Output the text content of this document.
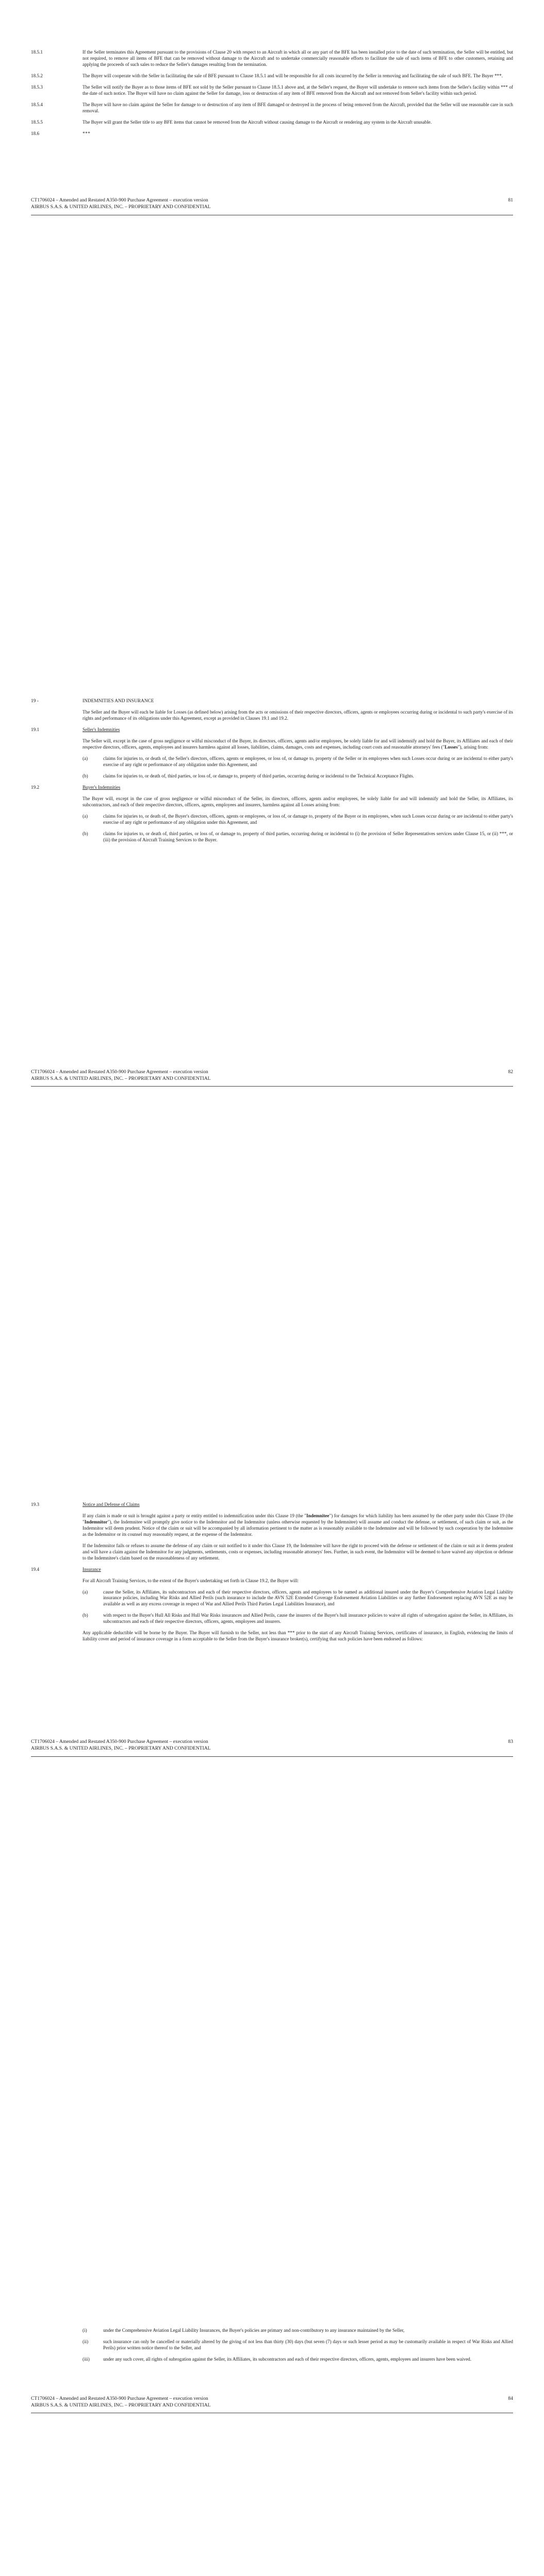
18.5.1	If the Seller terminates this Agreement pursuant to the provisions of Clause 20 with respect to an Aircraft in which all or any part of the BFE has been installed prior to the date of such termination, the Seller will be entitled, but not required, to remove all items of BFE that can be removed without damage to the Aircraft and to undertake commercially reasonable efforts to facilitate the sale of such items of BFE to other customers, retaining and applying the proceeds of such sales to reduce the Seller's damages resulting from the termination.
18.5.2	The Buyer will cooperate with the Seller in facilitating the sale of BFE pursuant to Clause 18.5.1 and will be responsible for all costs incurred by the Seller in removing and facilitating the sale of such BFE. The Buyer ***.
18.5.3	The Seller will notify the Buyer as to those items of BFE not sold by the Seller pursuant to Clause 18.5.1 above and, at the Seller's request, the Buyer will undertake to remove such items from the Seller's facility within *** of the date of such notice. The Buyer will have no claim against the Seller for damage, loss or destruction of any item of BFE removed from the Aircraft and not removed from Seller's facility within such period.
18.5.4	The Buyer will have no claim against the Seller for damage to or destruction of any item of BFE damaged or destroyed in the process of being removed from the Aircraft, provided that the Seller will use reasonable care in such removal.
18.5.5	The Buyer will grant the Seller title to any BFE items that cannot be removed from the Aircraft without causing damage to the Aircraft or rendering any system in the Aircraft unusable.
18.6	***
CT1706024 – Amended and Restated A350-900 Purchase Agreement – execution version
AIRBUS S.A.S. & UNITED AIRLINES, INC. – PROPRIETARY AND CONFIDENTIAL
81
19 -	INDEMNITIES AND INSURANCE
The Seller and the Buyer will each be liable for Losses (as defined below) arising from the acts or omissions of their respective directors, officers, agents or employees occurring during or incidental to such party's exercise of its rights and performance of its obligations under this Agreement, except as provided in Clauses 19.1 and 19.2.
19.1	Seller's Indemnities
The Seller will, except in the case of gross negligence or wilful misconduct of the Buyer, its directors, officers, agents and/or employees, be solely liable for and will indemnify and hold the Buyer, its Affiliates and each of their respective directors, officers, agents, employees and insurers harmless against all losses, liabilities, claims, damages, costs and expenses, including court costs and reasonable attorneys' fees ("Losses"), arising from:
(a)	claims for injuries to, or death of, the Seller's directors, officers, agents or employees, or loss of, or damage to, property of the Seller or its employees when such Losses occur during or are incidental to either party's exercise of any right or performance of any obligation under this Agreement, and
(b)	claims for injuries to, or death of, third parties, or loss of, or damage to, property of third parties, occurring during or incidental to the Technical Acceptance Flights.
19.2	Buyer's Indemnities
The Buyer will, except in the case of gross negligence or wilful misconduct of the Seller, its directors, officers, agents and/or employees, be solely liable for and will indemnify and hold the Seller, its Affiliates, its subcontractors, and each of their respective directors, officers, agents, employees and insurers, harmless against all Losses arising from:
(a)	claims for injuries to, or death of, the Buyer's directors, officers, agents or employees, or loss of, or damage to, property of the Buyer or its employees, when such Losses occur during or are incidental to either party's exercise of any right or performance of any obligation under this Agreement, and
(b)	claims for injuries to, or death of, third parties, or loss of, or damage to, property of third parties, occurring during or incidental to (i) the provision of Seller Representatives services under Clause 15, or (ii) ***, or (iii) the provision of Aircraft Training Services to the Buyer.
CT1706024 – Amended and Restated A350-900 Purchase Agreement – execution version
AIRBUS S.A.S. & UNITED AIRLINES, INC. – PROPRIETARY AND CONFIDENTIAL
82
19.3	Notice and Defense of Claims
If any claim is made or suit is brought against a party or entity entitled to indemnification under this Clause 19 (the "Indemnitee") for damages for which liability has been assumed by the other party under this Clause 19 (the "Indemnitor"), the Indemnitee will promptly give notice to the Indemnitor and the Indemnitor (unless otherwise requested by the Indemnitee) will assume and conduct the defense, or settlement, of such claim or suit, as the Indemnitor will deem prudent. Notice of the claim or suit will be accompanied by all information pertinent to the matter as is reasonably available to the Indemnitee and will be followed by such cooperation by the Indemnitee as the Indemnitor or its counsel may reasonably request, at the expense of the Indemnitor.
If the Indemnitor fails or refuses to assume the defense of any claim or suit notified to it under this Clause 19, the Indemnitee will have the right to proceed with the defense or settlement of the claim or suit as it deems prudent and will have a claim against the Indemnitor for any judgments, settlements, costs or expenses, including reasonable attorneys' fees. Further, in such event, the Indemnitor will be deemed to have waived any objection or defense to the Indemnitee's claim based on the reasonableness of any settlement.
19.4	Insurance
For all Aircraft Training Services, to the extent of the Buyer's undertaking set forth in Clause 19.2, the Buyer will:
(a)	cause the Seller, its Affiliates, its subcontractors and each of their respective directors, officers, agents and employees to be named as additional insured under the Buyer's Comprehensive Aviation Legal Liability insurance policies, including War Risks and Allied Perils (such insurance to include the AVN 52E Extended Coverage Endorsement Aviation Liabilities or any further Endorsement replacing AVN 52E as may be available as well as any excess coverage in respect of War and Allied Perils Third Parties Legal Liabilities Insurance), and
(b)	with respect to the Buyer's Hull All Risks and Hull War Risks insurances and Allied Perils, cause the insurers of the Buyer's hull insurance policies to waive all rights of subrogation against the Seller, its Affiliates, its subcontractors and each of their respective directors, officers, agents, employees and insurers.
Any applicable deductible will be borne by the Buyer. The Buyer will furnish to the Seller, not less than *** prior to the start of any Aircraft Training Services, certificates of insurance, in English, evidencing the limits of liability cover and period of insurance coverage in a form acceptable to the Seller from the Buyer's insurance broker(s), certifying that such policies have been endorsed as follows:
CT1706024 – Amended and Restated A350-900 Purchase Agreement – execution version
AIRBUS S.A.S. & UNITED AIRLINES, INC. – PROPRIETARY AND CONFIDENTIAL
83
(i)	under the Comprehensive Aviation Legal Liability Insurances, the Buyer's policies are primary and non-contributory to any insurance maintained by the Seller,
(ii)	such insurance can only be cancelled or materially altered by the giving of not less than thirty (30) days (but seven (7) days or such lesser period as may be customarily available in respect of War Risks and Allied Perils) prior written notice thereof to the Seller, and
(iii)	under any such cover, all rights of subrogation against the Seller, its Affiliates, its subcontractors and each of their respective directors, officers, agents, employees and insurers have been waived.
CT1706024 – Amended and Restated A350-900 Purchase Agreement – execution version
AIRBUS S.A.S. & UNITED AIRLINES, INC. – PROPRIETARY AND CONFIDENTIAL
84
